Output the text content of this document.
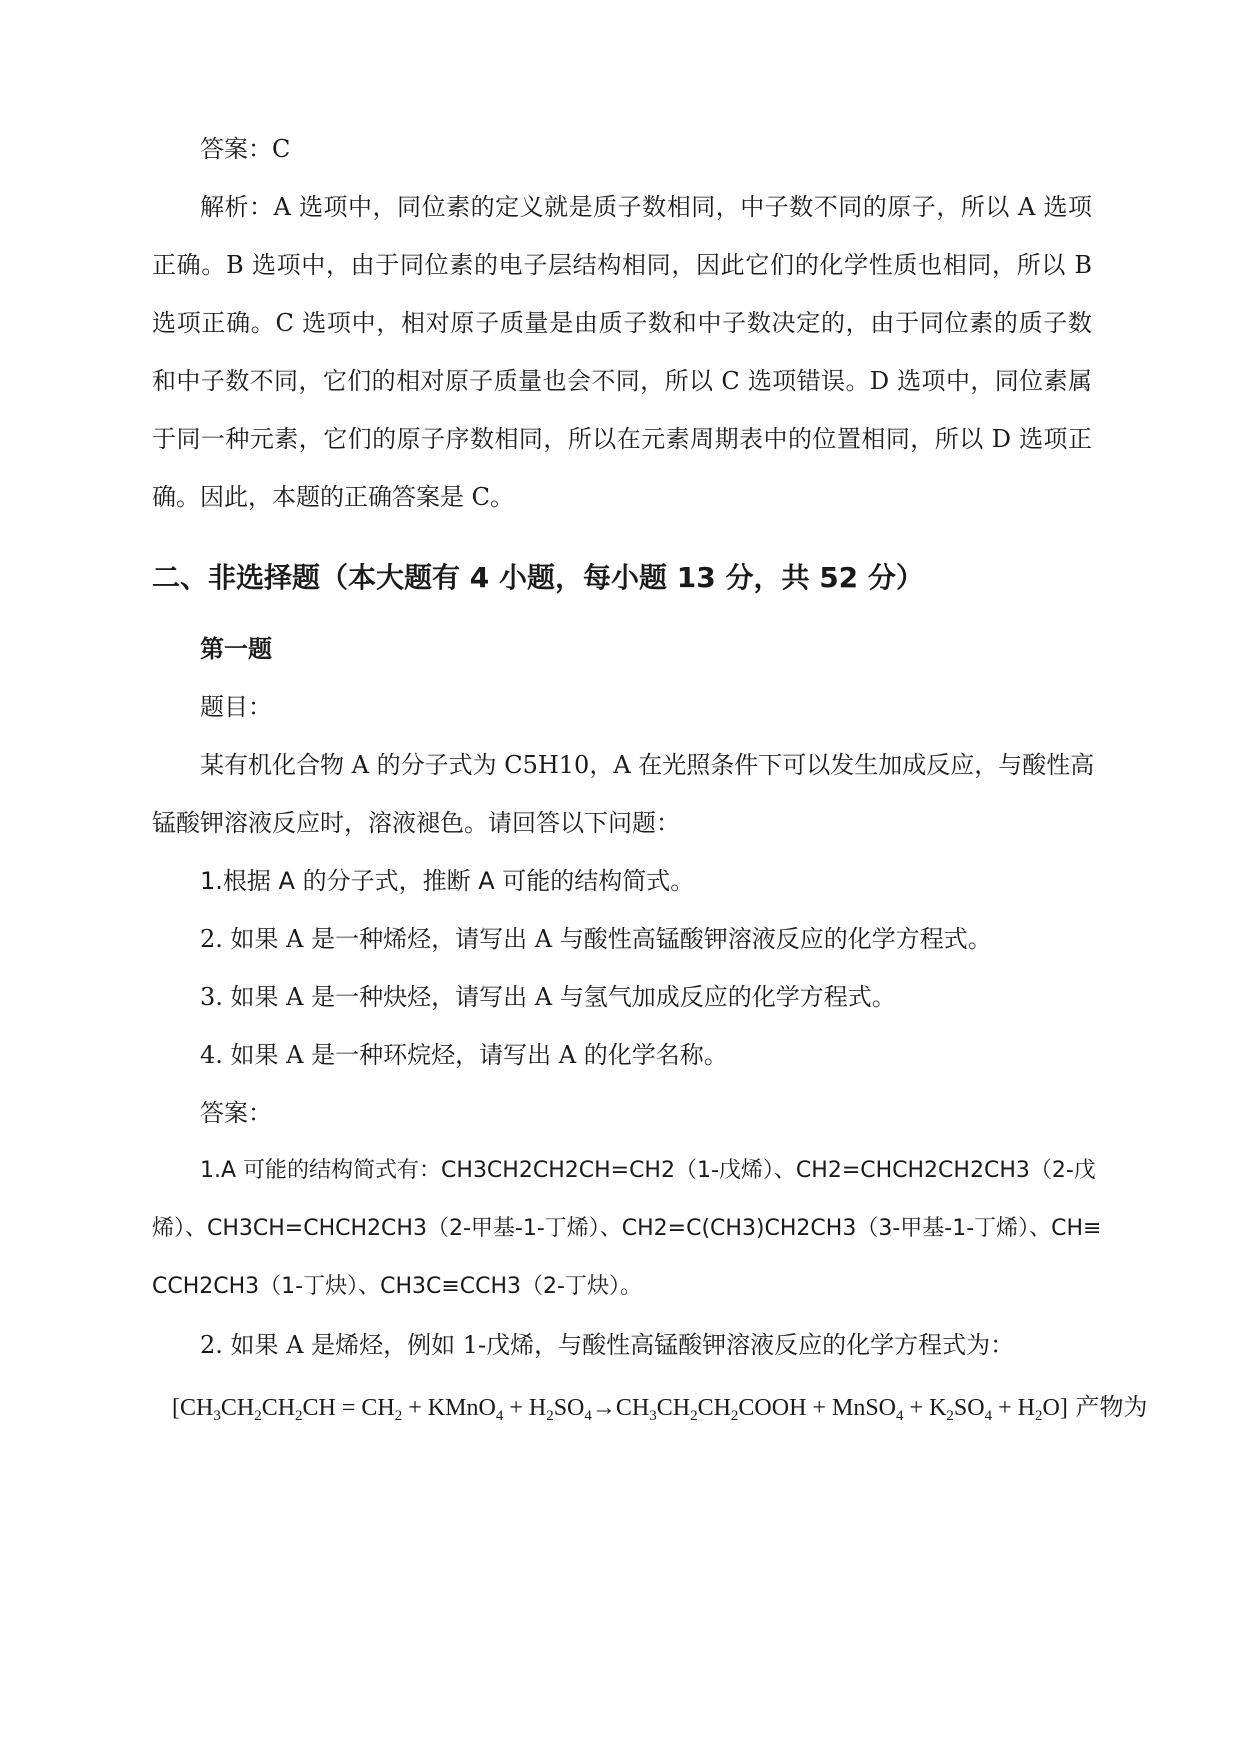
答案：C
解析：A 选项中，同位素的定义就是质子数相同，中子数不同的原子，所以 A 选项
正确。B 选项中，由于同位素的电子层结构相同，因此它们的化学性质也相同，所以 B
选项正确。C 选项中，相对原子质量是由质子数和中子数决定的，由于同位素的质子数
和中子数不同，它们的相对原子质量也会不同，所以 C 选项错误。D 选项中，同位素属
于同一种元素，它们的原子序数相同，所以在元素周期表中的位置相同，所以 D 选项正
确。因此，本题的正确答案是 C。
二、非选择题（本大题有 4 小题，每小题 13 分，共 52 分）
第一题
题目：
某有机化合物 A 的分子式为 C5H10，A 在光照条件下可以发生加成反应，与酸性高
锰酸钾溶液反应时，溶液褪色。请回答以下问题：
1.根据 A 的分子式，推断 A 可能的结构简式。
2. 如果 A 是一种烯烃，请写出 A 与酸性高锰酸钾溶液反应的化学方程式。
3. 如果 A 是一种炔烃，请写出 A 与氢气加成反应的化学方程式。
4. 如果 A 是一种环烷烃，请写出 A 的化学名称。
答案：
1.A 可能的结构简式有：CH3CH2CH2CH=CH2（1-戊烯）、CH2=CHCH2CH2CH3（2-戊
烯）、CH3CH=CHCH2CH3（2-甲基-1-丁烯）、CH2=C(CH3)CH2CH3（3-甲基-1-丁烯）、CH≡
CCH2CH3（1-丁炔）、CH3C≡CCH3（2-丁炔）。
2. 如果 A 是烯烃，例如 1-戊烯，与酸性高锰酸钾溶液反应的化学方程式为：
[$CH_3CH_2CH_2CH = CH_2$ + KMnO$_4$ + $H_2SO_4\to CH_3CH_2CH_2COOH$ + MnSO$_4$ + $K_2SO_4 + H_2O$] 产物为
